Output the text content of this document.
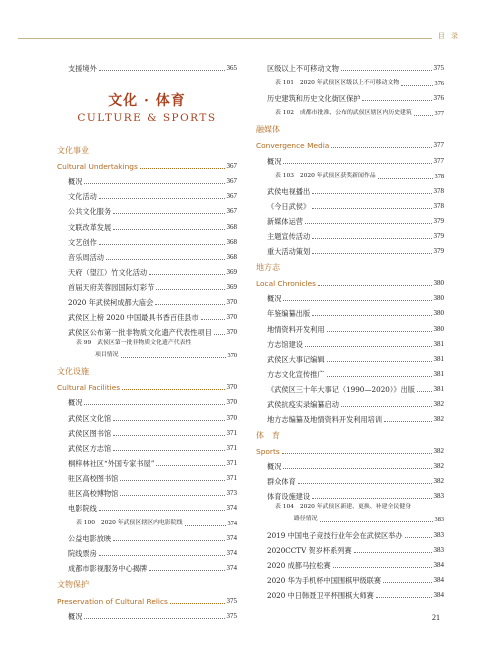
目 录
支援境外	365
文化 · 体育
CULTURE & SPORTS
文化事业
Cultural Undertakings	367
概况	367
文化活动	367
公共文化服务	367
文联改革发展	368
文艺创作	368
音乐周活动	368
天府（望江）竹文化活动	369
首届天府芙蓉园国际灯彩节	369
2020 年武侯柯成都大庙会	370
武侯区上榜 2020 中国最具书香百佳县市	370
武侯区公布第一批非物质文化遗产代表性项目 370
表 99　武侯区第一批非物质文化遗产代表性
项目情况	370
文化设施
Cultural Facilities	370
概况	370
武侯区文化馆	370
武侯区图书馆	371
武侯区方志馆	371
桐梓林社区“外国专家书屋”	371
驻区高校图书馆	371
驻区高校博物馆	373
电影院线	374
表 100　2020 年武侯区辖区内电影院线	374
公益电影放映	374
院线票房	374
成都市影视服务中心揭牌	374
文物保护
Preservation of Cultural Relics	375
概况	375
区级以上不可移动文物	375
表 101　2020 年武侯区区级以上不可移动文物	376
历史建筑和历史文化街区保护	376
表 102　成都市批准、公布的武侯区辖区内历史建筑	377
融媒体
Convergence Media	377
概况	377
表 103　2020 年武侯区获奖新闻作品	378
武侯电视播出	378
《今日武侯》	378
新媒体运营	379
主题宣传活动	379
重大活动策划	379
地方志
Local Chronicles	380
概况	380
年鉴编纂出版	380
地情资料开发利用	380
方志馆建设	381
武侯区大事记编辑	381
方志文化宣传推广	381
《武侯区三十年大事记（1990—2020）》出版	381
武侯抗疫实录编纂启动	382
地方志编纂及地情资料开发利用培训	382
体　育
Sports	382
概况	382
群众体育	382
体育设施建设	383
表 104　2020 年武侯区新建、更换、补建全民健身
路径情况	383
2019 中国电子竞技行业年会在武侯区举办	383
2020CCTV 贺岁杯系列赛	383
2020 成都马拉松赛	384
2020 华为手机杯中国围棋甲级联赛	384
2020 中日韩聂卫平杯围棋大师赛	384
21
